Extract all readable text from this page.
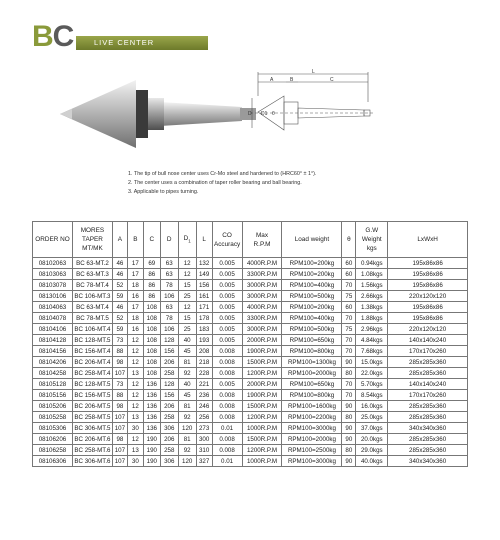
BC	LIVE CENTER
L
A	B	C
D D1 θ
1. The tip of bull nose center uses Cr-Mo steel and hardened to (HRC60° ± 1°).
2. The center uses a combination of taper roller bearing and ball bearing.
3. Applicable to pipes turning.
ORDER NO	MORES
TAPER
MT/MK	A	B	C	D	$D_1$	L	CO
Accuracy	Max
R.P.M	Load weight	θ	G.W
Weight
kgs	LxWxH
08102063	BC 63-MT.2	46	17	69	63	12	132	0.005	4000R.P.M	RPM100=200kg	60	0.94kgs	195x86x86
08103063	BC 63-MT.3	46	17	86	63	12	149	0.005	3300R.P.M	RPM100=200kg	60	1.08kgs	195x86x86
08103078	BC 78-MT.4	52	18	86	78	15	156	0.005	3000R.P.M	RPM100=400kg	70	1.56kgs	195x86x86
08130106	BC 106-MT.3	59	16	86	106	25	161	0.005	3000R.P.M	RPM100=500kg	75	2.66kgs	220x120x120
08104063	BC 63-MT.4	46	17	108	63	12	171	0.005	4000R.P.M	RPM100=200kg	60	1.38kgs	195x86x86
08104078	BC 78-MT.5	52	18	108	78	15	178	0.005	3300R.P.M	RPM100=400kg	70	1.88kgs	195x86x86
08104106	BC 106-MT.4	59	16	108	106	25	183	0.005	3000R.P.M	RPM100=500kg	75	2.96kgs	220x120x120
08104128	BC 128-MT.5	73	12	108	128	40	193	0.005	2000R.P.M	RPM100=650kg	70	4.84kgs	140x140x240
08104156	BC 156-MT.4	88	12	108	156	45	208	0.008	1900R.P.M	RPM100=800kg	70	7.68kgs	170x170x260
08104206	BC 206-MT.4	98	12	108	206	81	218	0.008	1500R.P.M	RPM100=1300kg	90	15.0kgs	285x285x360
08104258	BC 258-MT.4	107	13	108	258	92	228	0.008	1200R.P.M	RPM100=2000kg	80	22.0kgs	285x285x360
08105128	BC 128-MT.5	73	12	136	128	40	221	0.005	2000R.P.M	RPM100=650kg	70	5.70kgs	140x140x240
08105156	BC 156-MT.5	88	12	136	156	45	236	0.008	1900R.P.M	RPM100=800kg	70	8.54kgs	170x170x260
08105206	BC 206-MT.5	98	12	136	206	81	246	0.008	1500R.P.M	RPM100=1600kg	90	16.0kgs	285x285x360
08105258	BC 258-MT.5	107	13	136	258	92	256	0.008	1200R.P.M	RPM100=2200kg	80	25.0kgs	285x285x360
08105306	BC 306-MT.5	107	30	136	306	120	273	0.01	1000R.P.M	RPM100=3000kg	90	37.0kgs	340x340x360
08106206	BC 206-MT.6	98	12	190	206	81	300	0.008	1500R.P.M	RPM100=2000kg	90	20.0kgs	285x285x360
08106258	BC 258-MT.6	107	13	190	258	92	310	0.008	1200R.P.M	RPM100=2500kg	80	29.0kgs	285x285x360
08106306	BC 306-MT.6	107	30	190	306	120	327	0.01	1000R.P.M	RPM100=3000kg	90	40.0kgs	340x340x360
